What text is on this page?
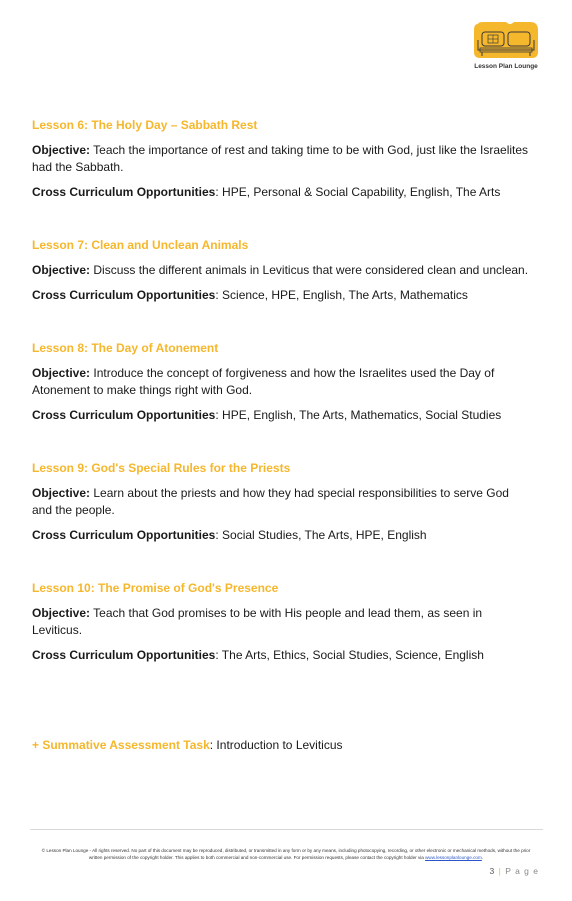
Lesson Plan Lounge
Lesson 6: The Holy Day – Sabbath Rest
Objective: Teach the importance of rest and taking time to be with God, just like the Israelites had the Sabbath.
Cross Curriculum Opportunities: HPE, Personal & Social Capability, English, The Arts
Lesson 7: Clean and Unclean Animals
Objective: Discuss the different animals in Leviticus that were considered clean and unclean.
Cross Curriculum Opportunities: Science, HPE, English, The Arts, Mathematics
Lesson 8: The Day of Atonement
Objective: Introduce the concept of forgiveness and how the Israelites used the Day of Atonement to make things right with God.
Cross Curriculum Opportunities: HPE, English, The Arts, Mathematics, Social Studies
Lesson 9: God's Special Rules for the Priests
Objective: Learn about the priests and how they had special responsibilities to serve God and the people.
Cross Curriculum Opportunities: Social Studies, The Arts, HPE, English
Lesson 10: The Promise of God's Presence
Objective: Teach that God promises to be with His people and lead them, as seen in Leviticus.
Cross Curriculum Opportunities: The Arts, Ethics, Social Studies, Science, English
+ Summative Assessment Task: Introduction to Leviticus
© Lesson Plan Lounge - All rights reserved. No part of this document may be reproduced, distributed, or transmitted in any form or by any means, including photocopying, recording, or other electronic or mechanical methods, without the prior written permission of the copyright holder. This applies to both commercial and non-commercial use. For permission requests, please contact the copyright holder via www.lessonplanlounge.com.
3 | P a g e
